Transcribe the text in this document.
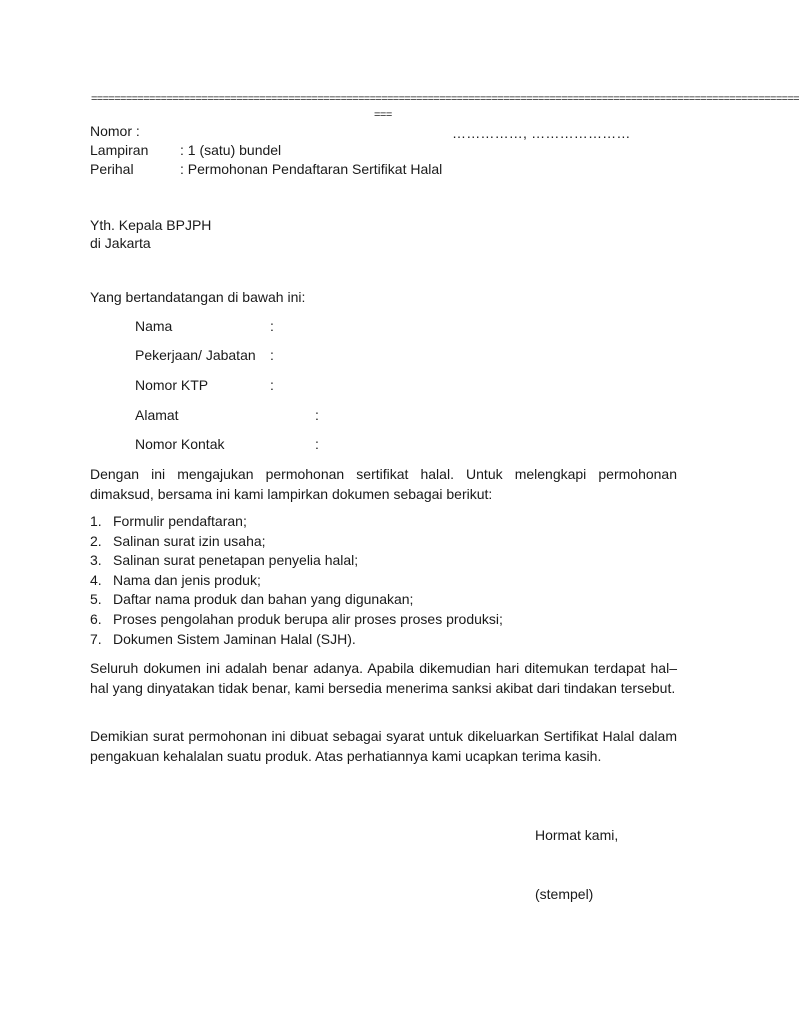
==========================================================================================================================
===
Nomor :	……………, …………………
Lampiran : 1 (satu) bundel
Perihal	: Permohonan Pendaftaran Sertifikat Halal
Yth. Kepala BPJPH
di Jakarta
Yang bertandatangan di bawah ini:
Nama	:
Pekerjaan/ Jabatan :
Nomor KTP	:
Alamat	:
Nomor Kontak	:

Dengan ini mengajukan permohonan sertifikat halal. Untuk melengkapi permohonan dimaksud, bersama ini kami lampirkan dokumen sebagai berikut:

1. Formulir pendaftaran;
2. Salinan surat izin usaha;
3. Salinan surat penetapan penyelia halal;
4. Nama dan jenis produk;
5. Daftar nama produk dan bahan yang digunakan;
6. Proses pengolahan produk berupa alir proses proses produksi;
7. Dokumen Sistem Jaminan Halal (SJH).

Seluruh dokumen ini adalah benar adanya. Apabila dikemudian hari ditemukan terdapat hal–hal yang dinyatakan tidak benar, kami bersedia menerima sanksi akibat dari tindakan tersebut.

Demikian surat permohonan ini dibuat sebagai syarat untuk dikeluarkan Sertifikat Halal dalam pengakuan kehalalan suatu produk. Atas perhatiannya kami ucapkan terima kasih.

Hormat kami,
(stempel)
